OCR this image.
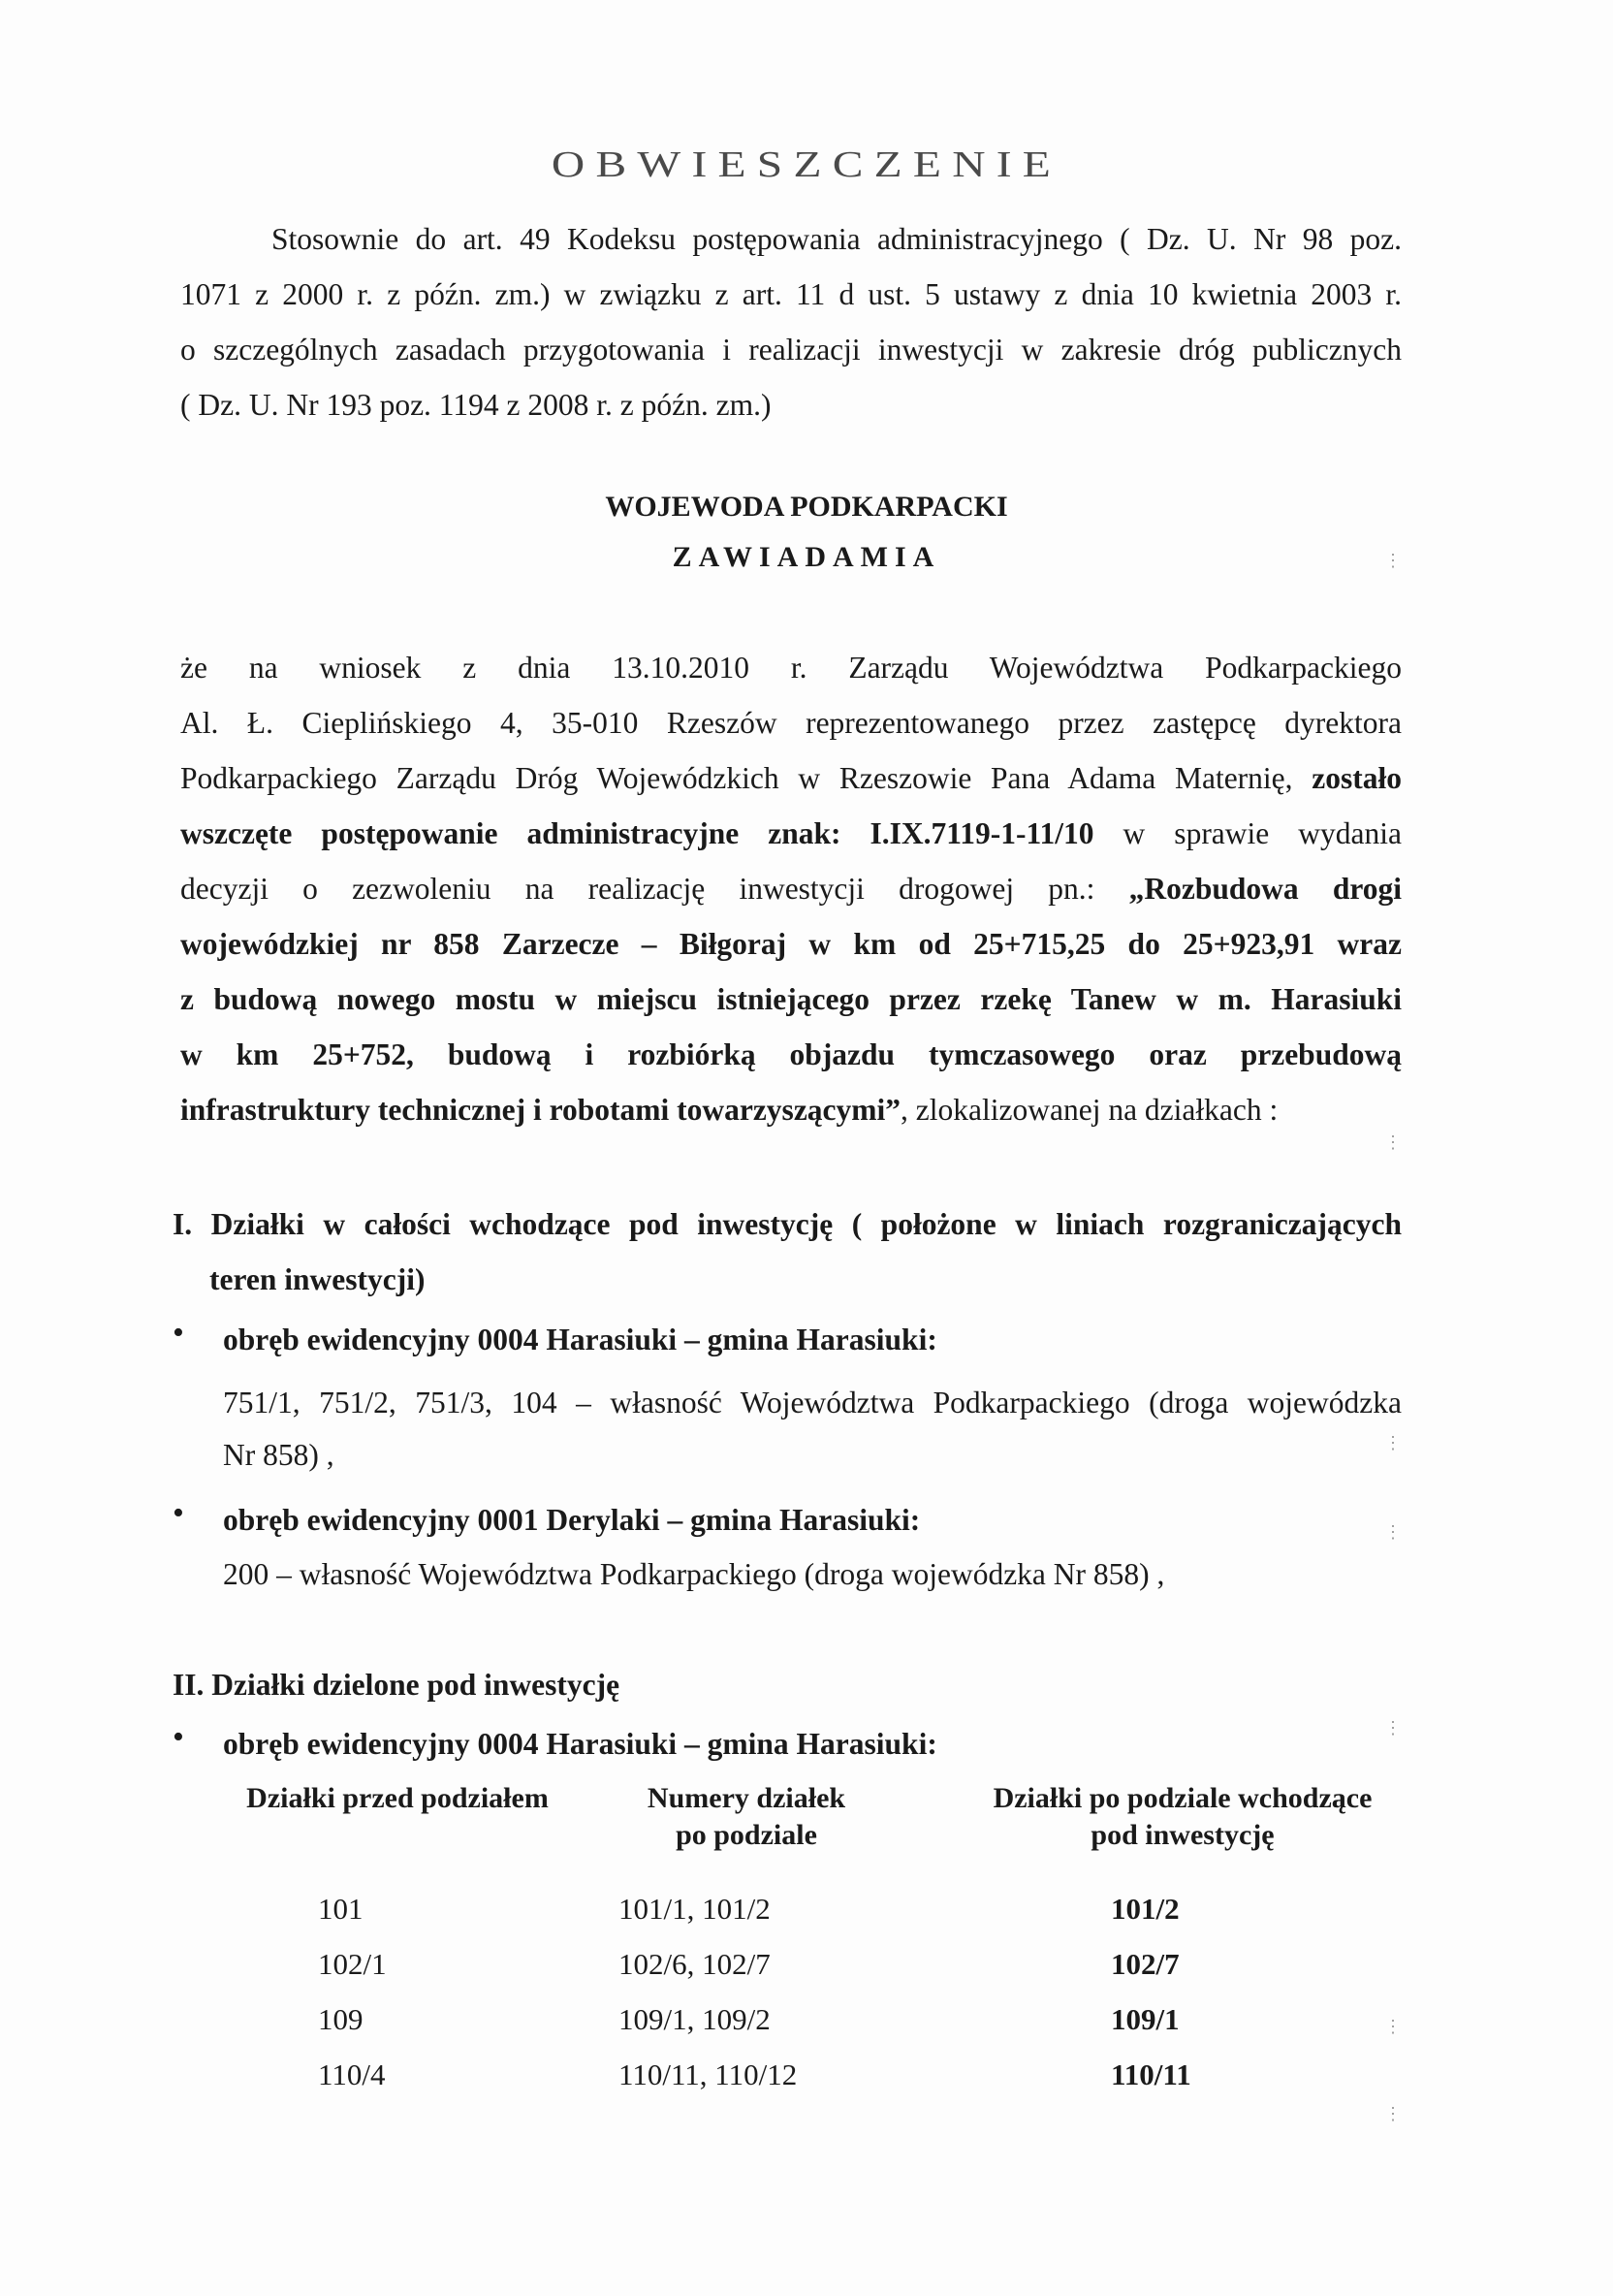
OBWIESZCZENIE
Stosownie do art. 49 Kodeksu postępowania administracyjnego ( Dz. U. Nr 98 poz.
1071 z 2000 r. z późn. zm.) w związku z art. 11 d ust. 5 ustawy z dnia 10 kwietnia 2003 r.
o szczególnych zasadach przygotowania i realizacji inwestycji w zakresie dróg publicznych
( Dz. U. Nr 193 poz. 1194 z 2008 r. z późn. zm.)
WOJEWODA PODKARPACKI
ZAWIADAMIA
że na wniosek z dnia 13.10.2010 r. Zarządu Województwa Podkarpackiego
Al. Ł. Cieplińskiego 4, 35-010 Rzeszów reprezentowanego przez zastępcę dyrektora
Podkarpackiego Zarządu Dróg Wojewódzkich w Rzeszowie Pana Adama Maternię, zostało
wszczęte postępowanie administracyjne znak: I.IX.7119-1-11/10 w sprawie wydania
decyzji o zezwoleniu na realizację inwestycji drogowej pn.: „Rozbudowa drogi
wojewódzkiej nr 858 Zarzecze – Biłgoraj w km od 25+715,25 do 25+923,91 wraz
z budową nowego mostu w miejscu istniejącego przez rzekę Tanew w m. Harasiuki
w km 25+752, budową i rozbiórką objazdu tymczasowego oraz przebudową
infrastruktury technicznej i robotami towarzyszącymi”, zlokalizowanej na działkach :
I. Działki w całości wchodzące pod inwestycję ( położone w liniach rozgraniczających
teren inwestycji)
• obręb ewidencyjny 0004 Harasiuki – gmina Harasiuki:
751/1, 751/2, 751/3, 104 – własność Województwa Podkarpackiego (droga wojewódzka
Nr 858) ,
• obręb ewidencyjny 0001 Derylaki – gmina Harasiuki:
200 – własność Województwa Podkarpackiego (droga wojewódzka Nr 858) ,
II. Działki dzielone pod inwestycję
• obręb ewidencyjny 0004 Harasiuki – gmina Harasiuki:
Działki przed podziałem	Numery działek
po podziale
Działki po podziale wchodzące
pod inwestycję
101	101/1, 101/2	101/2
102/1	102/6, 102/7	102/7
109	109/1, 109/2	109/1
110/4	110/11, 110/12	110/11
⋮
⋮
⋮
⋮
⋮
⋮
⋮
